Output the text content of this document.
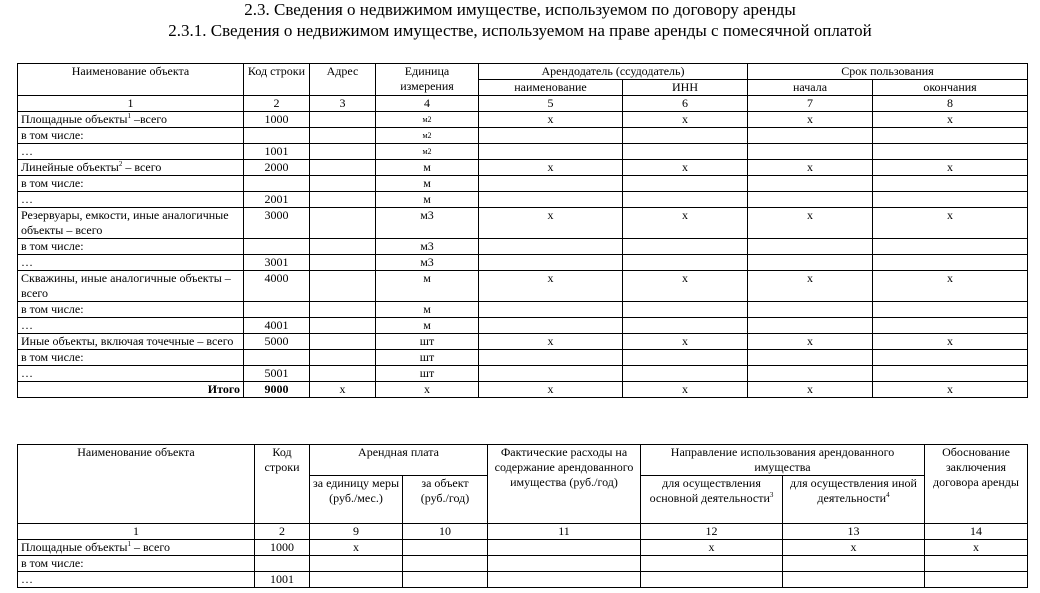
2.3. Сведения о недвижимом имуществе, используемом по договору аренды
2.3.1. Сведения о недвижимом имуществе, используемом на праве аренды с помесячной оплатой
Наименование объекта	Код строки	Адрес	Единица измерения	Арендодатель (ссудодатель)		Срок пользования	
				наименование	ИНН	начала	окончания
1	2	3	4	5	6	7	8
Площадные объекты$^1$ –всего	1000		м2	х	х	х	х
в том числе:			м2				
…	1001		м2				
Линейные объекты$^2$ – всего	2000		м	х	х	х	х
в том числе:			м				
…	2001		м				
Резервуары, емкости, иные аналогичные объекты – всего	3000		м3	х	х	х	х
в том числе:			м3				
…	3001		м3				
Скважины, иные аналогичные объекты – всего	4000		м	х	х	х	х
в том числе:			м				
…	4001		м				
Иные объекты, включая точечные – всего	5000		шт	х	х	х	х
в том числе:			шт				
…	5001		шт				
Итого	9000	х	х	х	х	х	х
Наименование объекта	Код строки	Арендная плата		Фактические расходы на содержание арендованного имущества (руб./год)	Направление использования арендованного имущества		Обоснование заключения договора аренды
		за единицу меры (руб./мес.)	за объект (руб./год)		для осуществления основной деятельности$^3$	для осуществления иной деятельности$^4$
1	2	9	10	11	12	13	14
Площадные объекты$^1$ – всего	1000	х			х	х	х
в том числе:							
…	1001						
